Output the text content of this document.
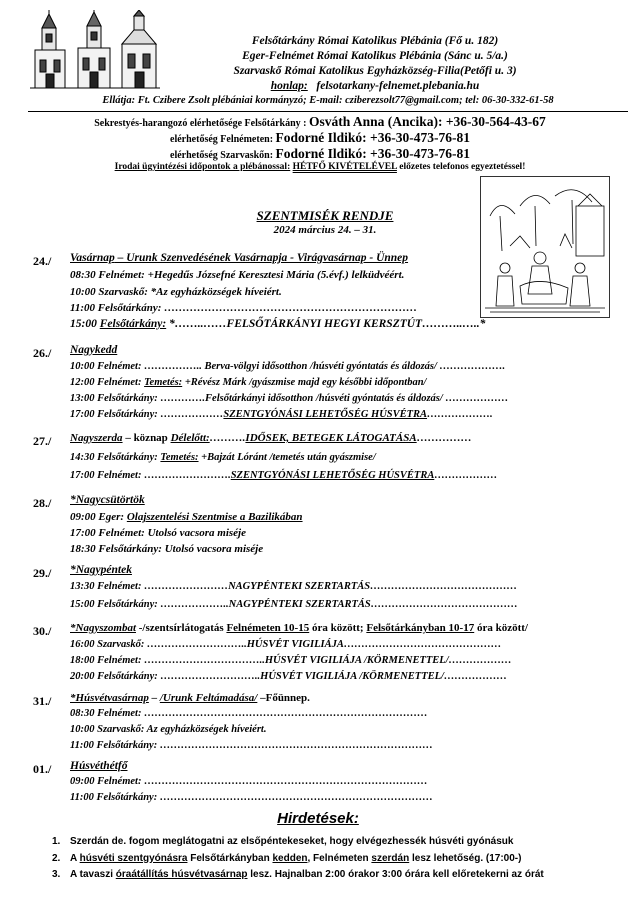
Felsőtárkány Római Katolikus Plébánia (Fő u. 182)
Eger-Felnémet Római Katolikus Plébánia (Sánc u. 5/a.)
Szarvaskő Római Katolikus Egyházközség-Filia(Petőfi u. 3)
honlap: felsotarkany-felnemet.plebania.hu
Ellátja: Ft. Czibere Zsolt plébániai kormányzó; E-mail: cziberezsolt77@gmail.com; tel: 06-30-332-61-58
Sekrestyés-harangozó elérhetősége Felsőtárkány : Osváth Anna (Ancika): +36-30-564-43-67
elérhetőség Felnémeten: Fodorné Ildikó: +36-30-473-76-81
elérhetőség Szarvaskőn: Fodorné Ildikó: +36-30-473-76-81
Irodai ügyintézési időpontok a plébánossal: HÉTFŐ KIVÉTELÉVEL előzetes telefonos egyeztetéssel!
SZENTMISÉK RENDJE
2024 március 24. – 31.
24./ Vasárnap – Urunk Szenvedésének Vasárnapja - Virágvasárnap - Ünnep
08:30 Felnémet: +Hegedűs Józsefné Keresztesi Mária (5.évf.) lelküdvéért.
10:00 Szarvaskő: *Az egyházközségek híveiért.
11:00 Felsőtárkány: ……………………………………………………………
15:00 Felsőtárkány: *……..……FELSŐTÁRKÁNYI HEGYI KERSZTÚT………..…..*
26./ Nagykedd
10:00 Felnémet: …………….. Berva-völgyi idősotthon /húsvéti gyóntatás és áldozás/ ……………….
12:00 Felnémet: Temetés: +Révész Márk /gyászmise majd egy későbbi időpontban/
13:00 Felsőtárkány: ………….Felsőtárkányi idősotthon /húsvéti gyóntatás és áldozás/ ………………
17:00 Felsőtárkány: ………………SZENTGYÓNÁSI LEHETŐSÉG HÚSVÉTRA……………….
27./ Nagyszerda – köznap Délelőtt:……….IDŐSEK, BETEGEK LÁTOGATÁSA……………
14:30 Felsőtárkány: Temetés: +Bajzát Lóránt /temetés után gyászmise/
17:00 Felnémet: …………………….SZENTGYÓNÁSI LEHETŐSÉG HÚSVÉTRA………………
28./ *Nagycsütörtök
09:00 Eger: Olajszentelési Szentmise a Bazilikában
17:00 Felnémet: Utolsó vacsora miséje
18:30 Felsőtárkány: Utolsó vacsora miséje
29./ *Nagypéntek
13:30 Felnémet: ……………………NAGYPÉNTEKI SZERTARTÁS……………………………………
15:00 Felsőtárkány: ………………..NAGYPÉNTEKI SZERTARTÁS……………………………………
30./ *Nagyszombat -/szentsírlátogatás Felnémeten 10-15 óra között; Felsőtárkányban 10-17 óra között/
16:00 Szarvaskő: ………………………..HÚSVÉT VIGILIÁJA………………………………………
18:00 Felnémet: ……………………………..HÚSVÉT VIGILIÁJA /KÖRMENETTEL/………………
20:00 Felsőtárkány: ………………………..HÚSVÉT VIGILIÁJA /KÖRMENETTEL/………………
31./ *Húsvétvasárnap – /Urunk Feltámadása/ –Főünnep.
08:30 Felnémet: ………………………………………………………………………
10:00 Szarvaskő: Az egyházközségek híveiért.
11:00 Felsőtárkány: ……………………………………………………………………
01./ Húsvéthétfő
09:00 Felnémet: ………………………………………………………………………
11:00 Felsőtárkány: ……………………………………………………………………
Hirdetések:
1. Szerdán de. fogom meglátogatni az elsőpéntekeseket, hogy elvégezhessék húsvéti gyónásuk
2. A húsvéti szentgyónásra Felsőtárkányban kedden, Felnémeten szerdán lesz lehetőség. (17:00-)
3. A tavaszi óraátállítás húsvétvasárnap lesz. Hajnalban 2:00 órakor 3:00 órára kell előretekerni az órát
